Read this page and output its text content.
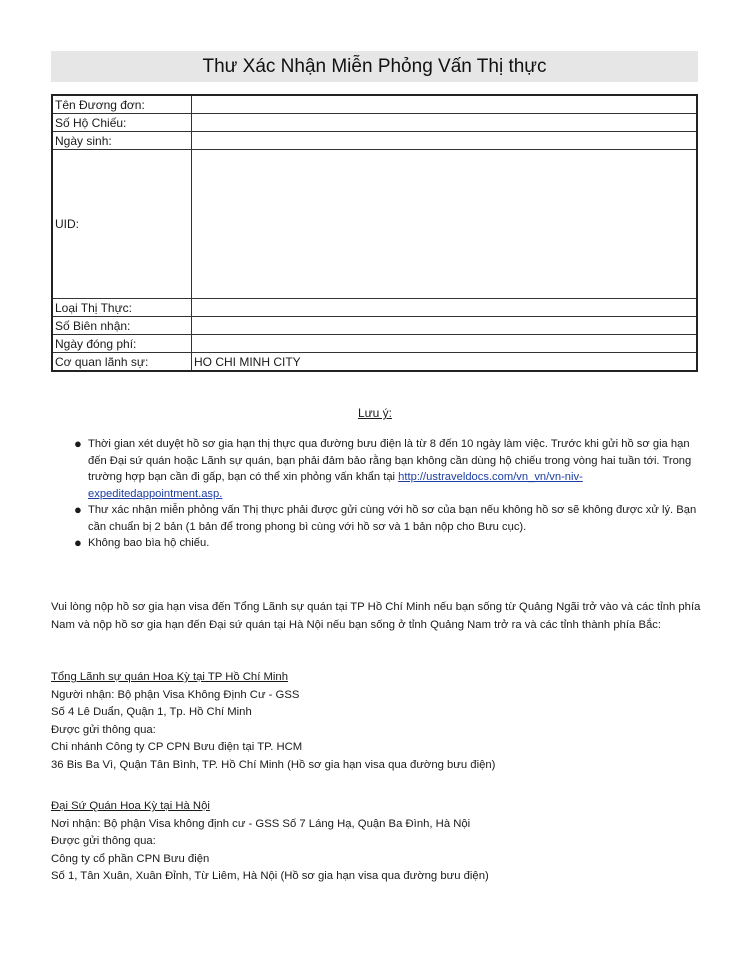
Thư Xác Nhận Miễn Phỏng Vấn Thị thực
Tên Đương đơn:	
Số Hộ Chiếu:	
Ngày sinh:	
UID:	
Loại Thị Thực:	
Số Biên nhận:	
Ngày đóng phí:	
Cơ quan lãnh sự:	HO CHI MINH CITY
Lưu ý:
● Thời gian xét duyệt hồ sơ gia hạn thị thực qua đường bưu điện là từ 8 đến 10 ngày làm việc. Trước khi gửi hồ sơ gia hạn đến Đại sứ quán hoặc Lãnh sự quán, bạn phải đảm bảo rằng bạn không cần dùng hộ chiếu trong vòng hai tuần tới. Trong trường hợp bạn cần đi gấp, bạn có thể xin phỏng vấn khẩn tại http://ustraveldocs.com/vn_vn/vn-niv-expeditedappointment.asp.
● Thư xác nhận miễn phỏng vấn Thị thực phải được gửi cùng với hồ sơ của bạn nếu không hồ sơ sẽ không được xử lý. Bạn cần chuẩn bị 2 bản (1 bản để trong phong bì cùng với hồ sơ và 1 bản nộp cho Bưu cục).
● Không bao bìa hộ chiếu.
Vui lòng nộp hồ sơ gia hạn visa đến Tổng Lãnh sự quán tại TP Hồ Chí Minh nếu bạn sống từ Quảng Ngãi trở vào và các tỉnh phía Nam và nộp hồ sơ gia hạn đến Đại sứ quán tại Hà Nội nếu bạn sống ở tỉnh Quảng Nam trở ra và các tỉnh thành phía Bắc:
Tổng Lãnh sự quán Hoa Kỳ tại TP Hồ Chí Minh
Người nhận: Bộ phận Visa Không Định Cư - GSS
Số 4 Lê Duẩn, Quận 1, Tp. Hồ Chí Minh
Được gửi thông qua:
Chi nhánh Công ty CP CPN Bưu điện tại TP. HCM
36 Bis Ba Vì, Quận Tân Bình, TP. Hồ Chí Minh (Hồ sơ gia hạn visa qua đường bưu điện)
Đại Sứ Quán Hoa Kỳ tại Hà Nội
Nơi nhận: Bộ phận Visa không định cư - GSS Số 7 Láng Hạ, Quận Ba Đình, Hà Nội
Được gửi thông qua:
Công ty cổ phần CPN Bưu điện
Số 1, Tân Xuân, Xuân Đỉnh, Từ Liêm, Hà Nội (Hồ sơ gia hạn visa qua đường bưu điện)
